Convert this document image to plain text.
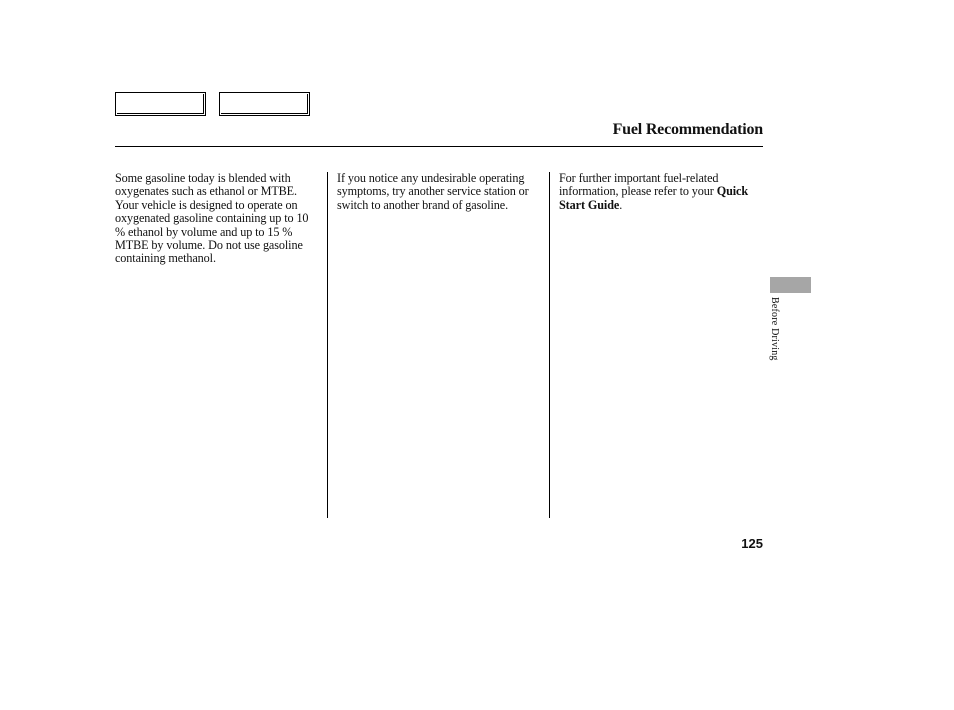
Fuel Recommendation

Some gasoline today is blended with oxygenates such as ethanol or MTBE. Your vehicle is designed to operate on oxygenated gasoline containing up to 10 % ethanol by volume and up to 15 % MTBE by volume. Do not use gasoline containing methanol.

If you notice any undesirable operating symptoms, try another service station or switch to another brand of gasoline.

For further important fuel-related information, please refer to your Quick Start Guide.

Before Driving
125
